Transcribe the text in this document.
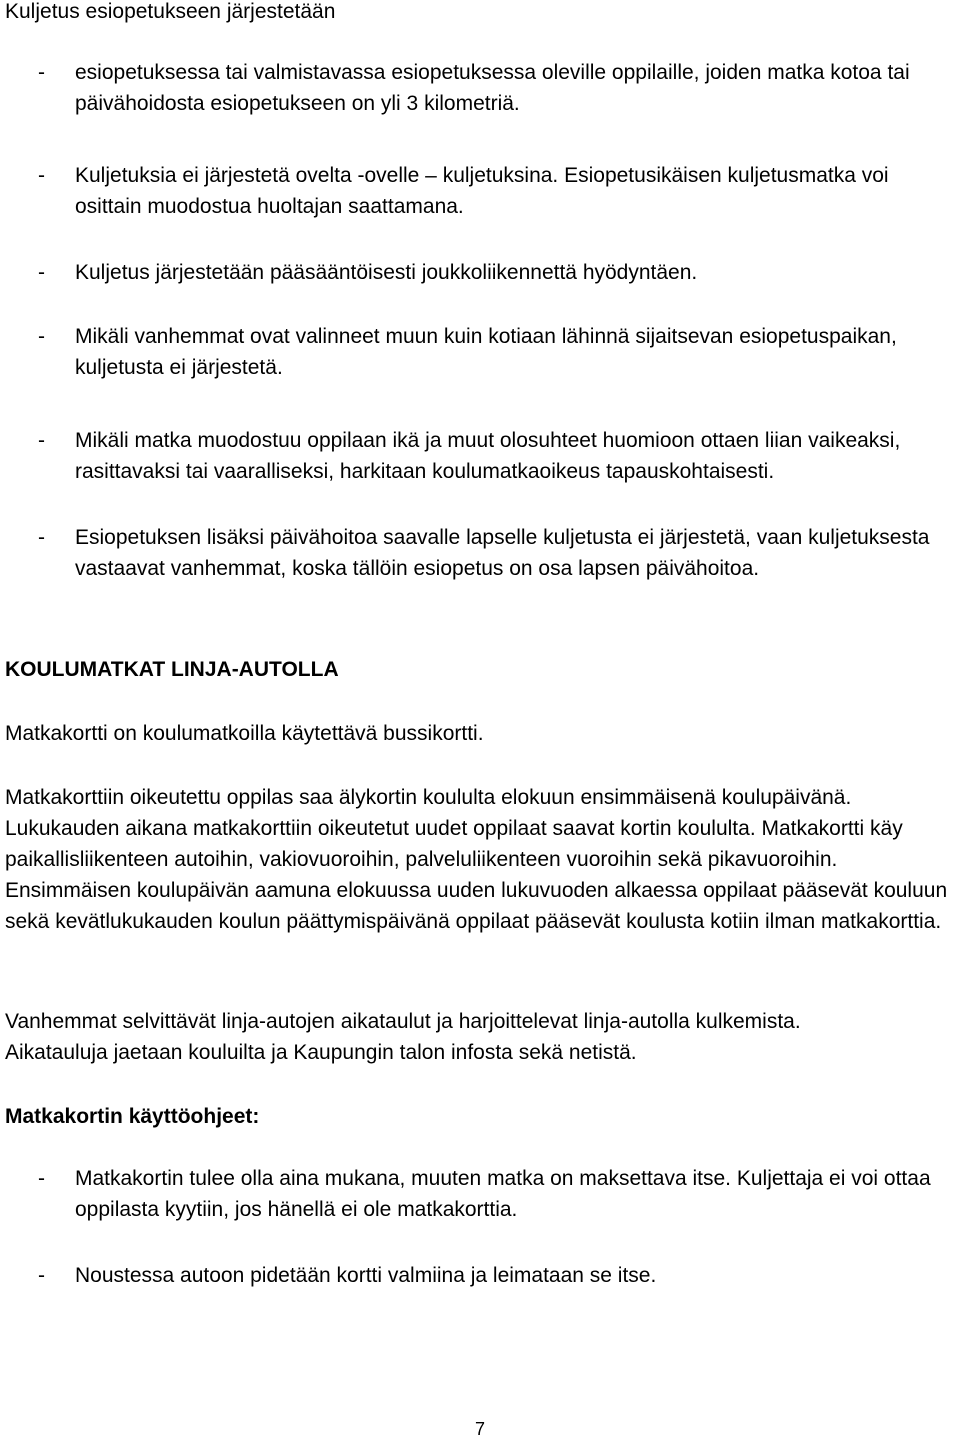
Kuljetus esiopetukseen järjestetään
-	esiopetuksessa tai valmistavassa esiopetuksessa oleville oppilaille, joiden matka kotoa tai päivähoidosta esiopetukseen on yli 3 kilometriä.
-	Kuljetuksia ei järjestetä ovelta -ovelle – kuljetuksina. Esiopetusikäisen kuljetusmatka voi osittain muodostua huoltajan saattamana.
-	Kuljetus järjestetään pääsääntöisesti joukkoliikennettä hyödyntäen.
-	Mikäli vanhemmat ovat valinneet muun kuin kotiaan lähinnä sijaitsevan esiopetuspaikan, kuljetusta ei järjestetä.
-	Mikäli matka muodostuu oppilaan ikä ja muut olosuhteet huomioon ottaen liian vaikeaksi, rasittavaksi tai vaaralliseksi, harkitaan koulumatkaoikeus tapauskohtaisesti.
-	Esiopetuksen lisäksi päivähoitoa saavalle lapselle kuljetusta ei järjestetä, vaan kuljetuksesta vastaavat vanhemmat, koska tällöin esiopetus on osa lapsen päivähoitoa.
KOULUMATKAT LINJA-AUTOLLA

Matkakortti on koulumatkoilla käytettävä bussikortti.

Matkakorttiin oikeutettu oppilas saa älykortin koululta elokuun ensimmäisenä koulupäivänä. Lukukauden aikana matkakorttiin oikeutetut uudet oppilaat saavat kortin koululta. Matkakortti käy paikallisliikenteen autoihin, vakiovuoroihin, palveluliikenteen vuoroihin sekä pikavuoroihin. Ensimmäisen koulupäivän aamuna elokuussa uuden lukuvuoden alkaessa oppilaat pääsevät kouluun sekä kevätlukukauden koulun päättymispäivänä oppilaat pääsevät koulusta kotiin ilman matkakorttia.

Vanhemmat selvittävät linja-autojen aikataulut ja harjoittelevat linja-autolla kulkemista. Aikatauluja jaetaan kouluilta ja Kaupungin talon infosta sekä netistä.

Matkakortin käyttöohjeet:
-	Matkakortin tulee olla aina mukana, muuten matka on maksettava itse. Kuljettaja ei voi ottaa oppilasta kyytiin, jos hänellä ei ole matkakorttia.
-	Noustessa autoon pidetään kortti valmiina ja leimataan se itse.
7
